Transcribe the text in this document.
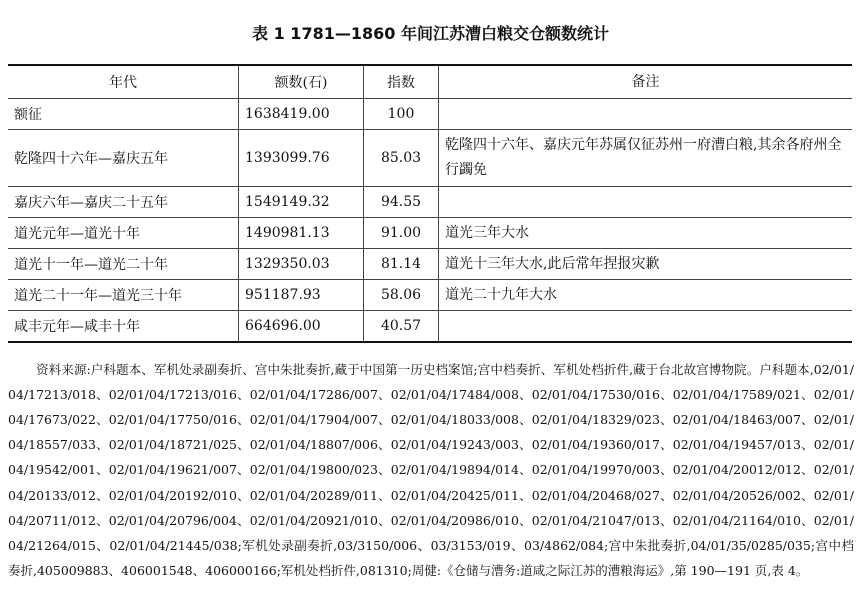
表 1 1781—1860 年间江苏漕白粮交仓额数统计
年代	额数(石)	指数	备注
额征	1638419.00	100	
乾隆四十六年—嘉庆五年	1393099.76	85.03	乾隆四十六年、嘉庆元年苏属仅征苏州一府漕白粮,其余各府州全行蠲免
嘉庆六年—嘉庆二十五年	1549149.32	94.55	
道光元年—道光十年	1490981.13	91.00	道光三年大水
道光十一年—道光二十年	1329350.03	81.14	道光十三年大水,此后常年捏报灾歉
道光二十一年—道光三十年	951187.93	58.06	道光二十九年大水
咸丰元年—咸丰十年	664696.00	40.57	

资料来源:户科题本、军机处录副奏折、宫中朱批奏折,藏于中国第一历史档案馆;宫中档奏折、军机处档折件,藏于台北故宫博物院。户科题本,02/01/04/17213/018、02/01/04/17213/016、02/01/04/17286/007、02/01/04/17484/008、02/01/04/17530/016、02/01/04/17589/021、02/01/04/17673/022、02/01/04/17750/016、02/01/04/17904/007、02/01/04/18033/008、02/01/04/18329/023、02/01/04/18463/007、02/01/04/18557/033、02/01/04/18721/025、02/01/04/18807/006、02/01/04/19243/003、02/01/04/19360/017、02/01/04/19457/013、02/01/04/19542/001、02/01/04/19621/007、02/01/04/19800/023、02/01/04/19894/014、02/01/04/19970/003、02/01/04/20012/012、02/01/04/20133/012、02/01/04/20192/010、02/01/04/20289/011、02/01/04/20425/011、02/01/04/20468/027、02/01/04/20526/002、02/01/04/20711/012、02/01/04/20796/004、02/01/04/20921/010、02/01/04/20986/010、02/01/04/21047/013、02/01/04/21164/010、02/01/04/21264/015、02/01/04/21445/038;军机处录副奏折,03/3150/006、03/3153/019、03/4862/084;宫中朱批奏折,04/01/35/0285/035;宫中档奏折,405009883、406001548、406000166;军机处档折件,081310;周健:《仓储与漕务:道咸之际江苏的漕粮海运》,第 190—191 页,表 4。
